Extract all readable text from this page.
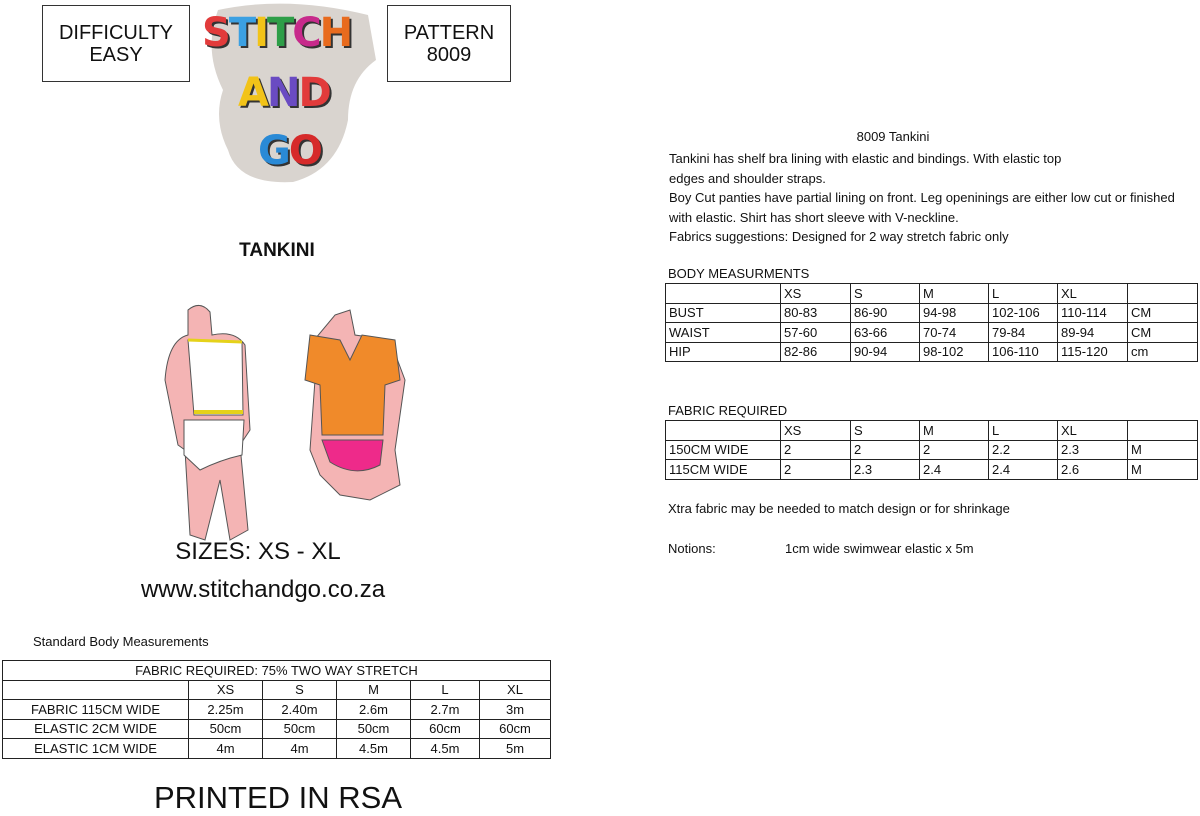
DIFFICULTY
EASY STITCH
AND
GO
PATTERN
8009
TANKINI
SIZES: XS - XL
www.stitchandgo.co.za
Standard Body Measurements
FABRIC REQUIRED: 75% TWO WAY STRETCH					
	XS	S	M	L	XL
FABRIC 115CM WIDE	2.25m	2.40m	2.6m	2.7m	3m
ELASTIC 2CM WIDE	50cm	50cm	50cm	60cm	60cm
ELASTIC 1CM WIDE	4m	4m	4.5m	4.5m	5m
PRINTED IN RSA
8009 Tankini
Tankini has shelf bra lining with elastic and bindings. With elastic top
edges and shoulder straps.
Boy Cut panties have partial lining on front. Leg openinings are either low cut or finished
with elastic. Shirt has short sleeve with V-neckline.
Fabrics suggestions: Designed for 2 way stretch fabric only
BODY MEASURMENTS
	XS	S	M	L	XL	
BUST	80-83	86-90	94-98	102-106	110-114	CM
WAIST	57-60	63-66	70-74	79-84	89-94	CM
HIP	82-86	90-94	98-102	106-110	115-120	cm
FABRIC REQUIRED
	XS	S	M	L	XL	
150CM WIDE	2	2	2	2.2	2.3	M
115CM WIDE	2	2.3	2.4	2.4	2.6	M
Xtra fabric may be needed to match design or for shrinkage
Notions:	1cm wide swimwear elastic x 5m
